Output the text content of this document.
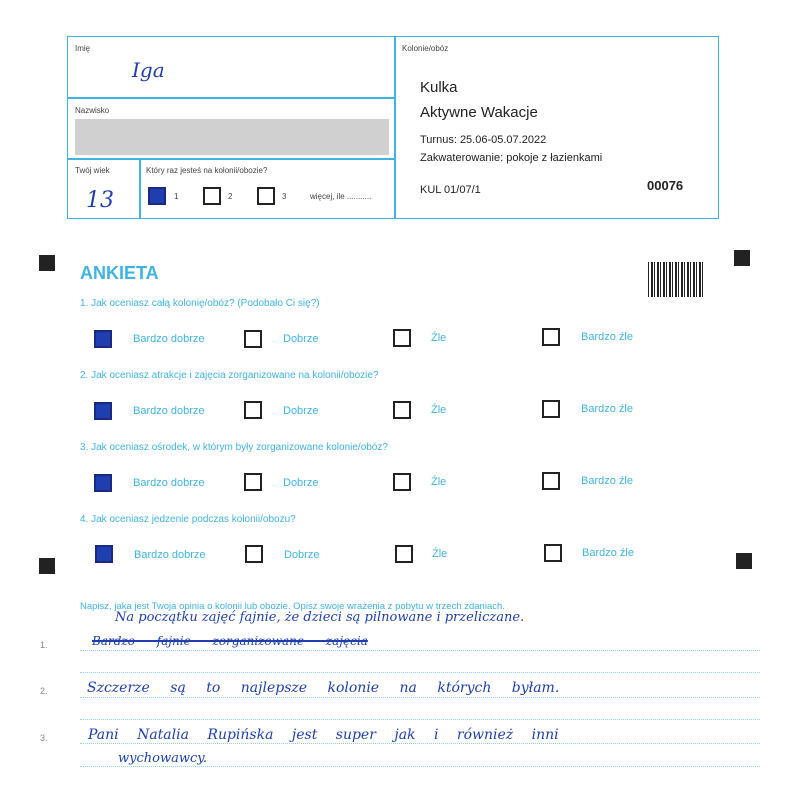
Imię
Iga
Nazwisko
Twój wiek
13
Który raz jesteś na kolonii/obozie?
1	2	3	więcej, ile ...........
Kolonie/obóz
Kulka
Aktywne Wakacje
Turnus: 25.06-05.07.2022
Zakwaterowanie: pokoje z łazienkami
KUL 01/07/1	00076
ANKIETA
1. Jak oceniasz całą kolonię/obóz? (Podobało Ci się?)
Bardzo dobrze	Dobrze	Źle	Bardzo źle
2. Jak oceniasz atrakcje i zajęcia zorganizowane na kolonii/obozie?
Bardzo dobrze	Dobrze	Źle	Bardzo źle
3. Jak oceniasz ośrodek, w którym były zorganizowane kolonie/obóz?
Bardzo dobrze	Dobrze	Źle	Bardzo źle
4. Jak oceniasz jedzenie podczas kolonii/obozu?
Bardzo dobrze	Dobrze	Źle	Bardzo źle
Napisz, jaka jest Twoja opinia o kolonii lub obozie. Opisz swoje wrażenia z pobytu w trzech zdaniach.
1.
2.
3.
Na początku zajęć fajnie, że dzieci są pilnowane i przeliczane.
Bardzo fajnie zorganizowane zajęcia
Szczerze są to najlepsze kolonie na których byłam.
Pani Natalia Rupińska jest super jak i również inni
wychowawcy.
